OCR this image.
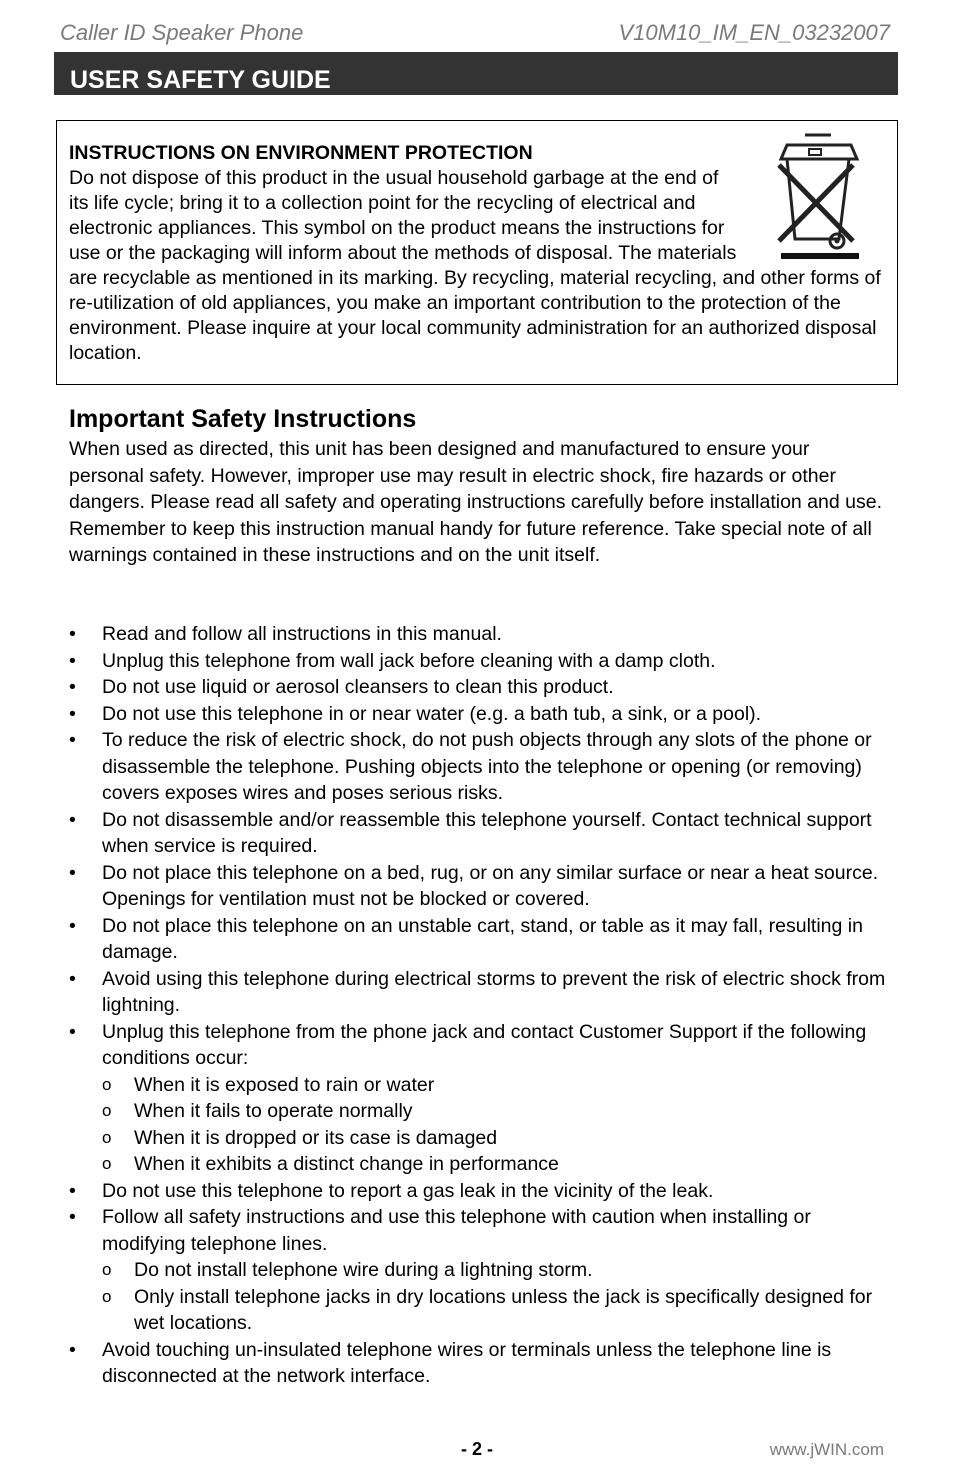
Caller ID Speaker Phone	V10M10_IM_EN_03232007
USER SAFETY GUIDE
INSTRUCTIONS ON ENVIRONMENT PROTECTION
Do not dispose of this product in the usual household garbage at the end of its life cycle; bring it to a collection point for the recycling of electrical and electronic appliances. This symbol on the product means the instructions for use or the packaging will inform about the methods of disposal. The materials are recyclable as mentioned in its marking. By recycling, material recycling, and other forms of re-utilization of old appliances, you make an important contribution to the protection of the environment. Please inquire at your local community administration for an authorized disposal location.
Important Safety Instructions
When used as directed, this unit has been designed and manufactured to ensure your personal safety. However, improper use may result in electric shock, fire hazards or other dangers. Please read all safety and operating instructions carefully before installation and use. Remember to keep this instruction manual handy for future reference. Take special note of all warnings contained in these instructions and on the unit itself.
•	Read and follow all instructions in this manual.
•	Unplug this telephone from wall jack before cleaning with a damp cloth.
•	Do not use liquid or aerosol cleansers to clean this product.
•	Do not use this telephone in or near water (e.g. a bath tub, a sink, or a pool).
•	To reduce the risk of electric shock, do not push objects through any slots of the phone or disassemble the telephone. Pushing objects into the telephone or opening (or removing) covers exposes wires and poses serious risks.
•	Do not disassemble and/or reassemble this telephone yourself. Contact technical support when service is required.
•	Do not place this telephone on a bed, rug, or on any similar surface or near a heat source. Openings for ventilation must not be blocked or covered.
•	Do not place this telephone on an unstable cart, stand, or table as it may fall, resulting in damage.
•	Avoid using this telephone during electrical storms to prevent the risk of electric shock from lightning.
•	Unplug this telephone from the phone jack and contact Customer Support if the following conditions occur:
o When it is exposed to rain or water
o When it fails to operate normally
o When it is dropped or its case is damaged
o When it exhibits a distinct change in performance
•	Do not use this telephone to report a gas leak in the vicinity of the leak.
•	Follow all safety instructions and use this telephone with caution when installing or modifying telephone lines.
o Do not install telephone wire during a lightning storm.
o Only install telephone jacks in dry locations unless the jack is specifically designed for wet locations.
•	Avoid touching un-insulated telephone wires or terminals unless the telephone line is disconnected at the network interface.
- 2 -	www.jWIN.com
